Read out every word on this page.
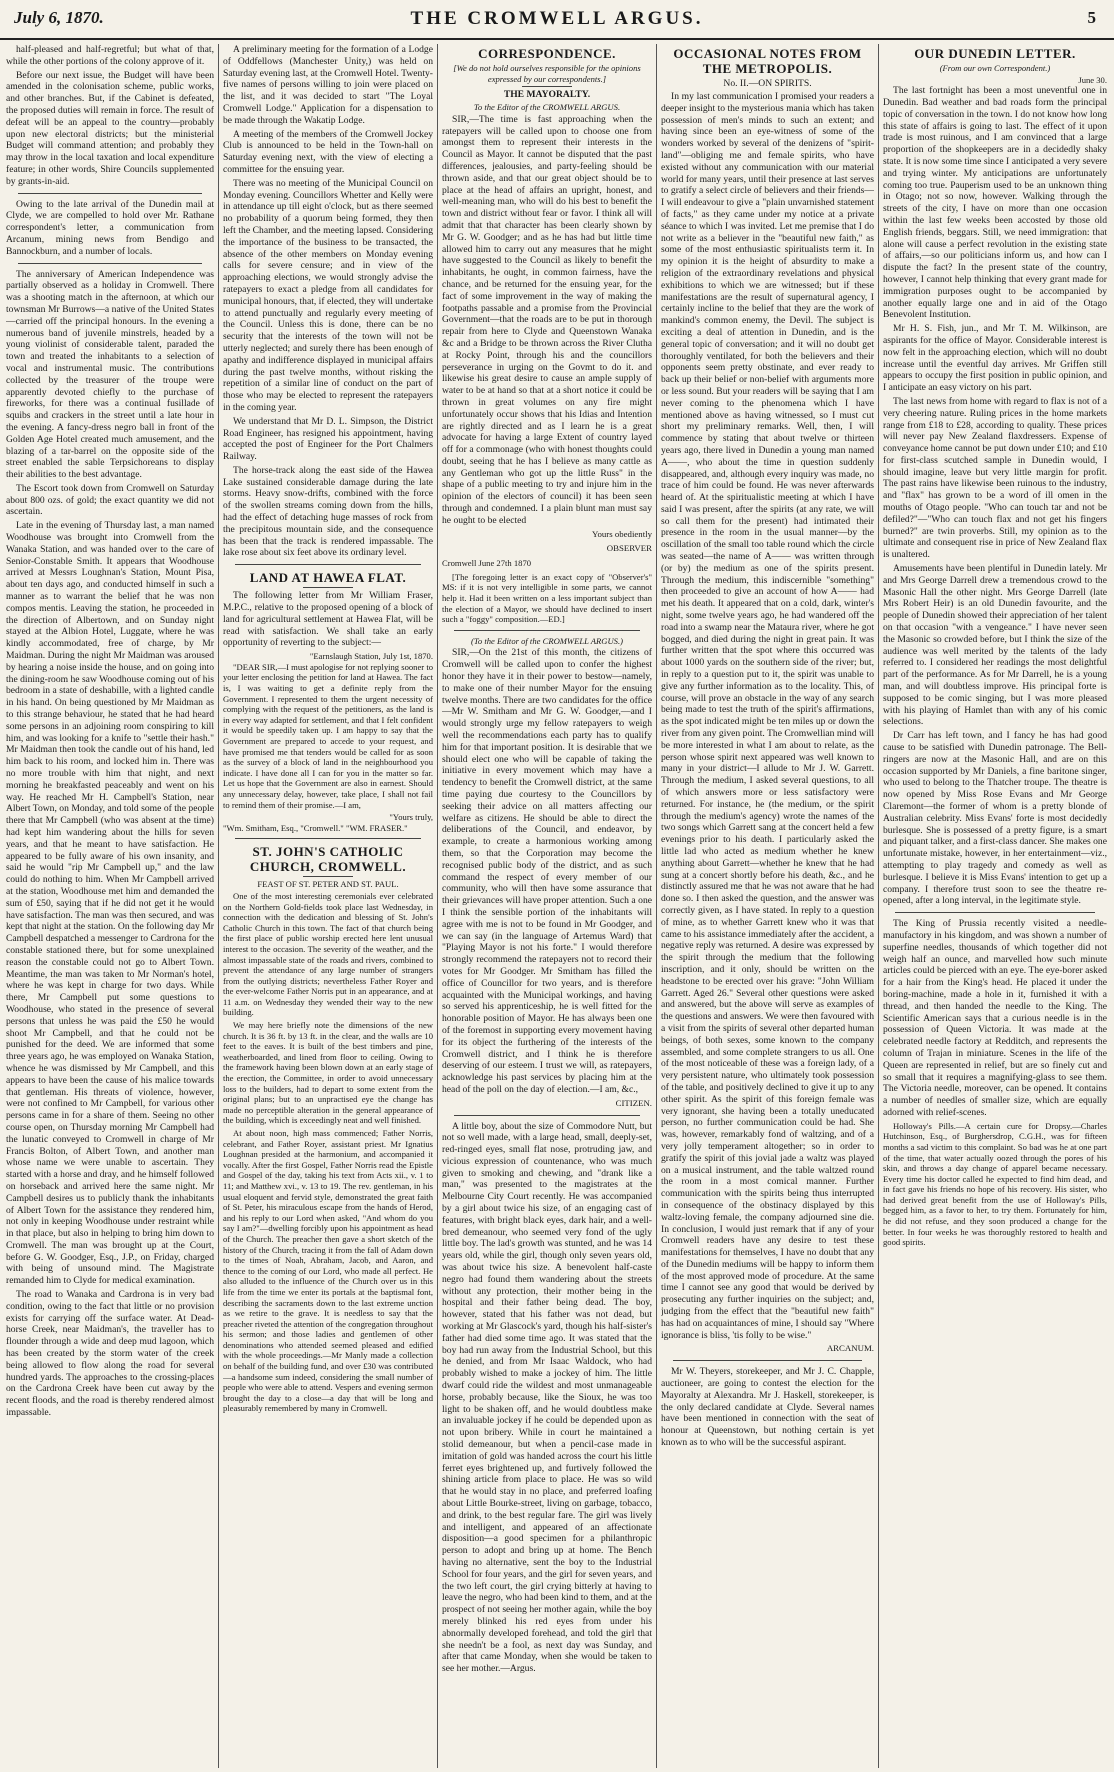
July 6, 1870.	THE CROMWELL ARGUS.	5

half-pleased and half-regretful; but what of that, while the other portions of the colony approve of it.

Before our next issue, the Budget will have been amended in the colonisation scheme, public works, and other branches. But, if the Cabinet is defeated, the proposed duties will remain in force. The result of defeat will be an appeal to the country—probably upon new electoral districts; but the ministerial Budget will command attention; and probably they may throw in the local taxation and local expenditure feature; in other words, Shire Councils supplemented by grants-in-aid.

Owing to the late arrival of the Dunedin mail at Clyde, we are compelled to hold over Mr. Rathane correspondent's letter, a communication from Arcanum, mining news from Bendigo and Bannockburn, and a number of locals.

The anniversary of American Independence was partially observed as a holiday in Cromwell. There was a shooting match in the afternoon, at which our townsman Mr Burrows—a native of the United States—carried off the principal honours. In the evening a numerous band of juvenile minstrels, headed by a young violinist of considerable talent, paraded the town and treated the inhabitants to a selection of vocal and instrumental music. The contributions collected by the treasurer of the troupe were apparently devoted chiefly to the purchase of fireworks, for there was a continual fusillade of squibs and crackers in the street until a late hour in the evening. A fancy-dress negro ball in front of the Golden Age Hotel created much amusement, and the blazing of a tar-barrel on the opposite side of the street enabled the sable Terpsichoreans to display their abilities to the best advantage.

The Escort took down from Cromwell on Saturday about 800 ozs. of gold; the exact quantity we did not ascertain.

Late in the evening of Thursday last, a man named Woodhouse was brought into Cromwell from the Wanaka Station, and was handed over to the care of Senior-Constable Smith. It appears that Woodhouse arrived at Messrs Loughnan's Station, Mount Pisa, about ten days ago, and conducted himself in such a manner as to warrant the belief that he was non compos mentis. Leaving the station, he proceeded in the direction of Albertown, and on Sunday night stayed at the Albion Hotel, Luggate, where he was kindly accommodated, free of charge, by Mr Maidman. During the night Mr Maidman was aroused by hearing a noise inside the house, and on going into the dining-room he saw Woodhouse coming out of his bedroom in a state of deshabille, with a lighted candle in his hand. On being questioned by Mr Maidman as to this strange behaviour, he stated that he had heard some persons in an adjoining room conspiring to kill him, and was looking for a knife to "settle their hash." Mr Maidman then took the candle out of his hand, led him back to his room, and locked him in. There was no more trouble with him that night, and next morning he breakfasted peaceably and went on his way. He reached Mr H. Campbell's Station, near Albert Town, on Monday, and told some of the people there that Mr Campbell (who was absent at the time) had kept him wandering about the hills for seven years, and that he meant to have satisfaction. He appeared to be fully aware of his own insanity, and said he would "rip Mr Campbell up," and the law could do nothing to him. When Mr Campbell arrived at the station, Woodhouse met him and demanded the sum of £50, saying that if he did not get it he would have satisfaction. The man was then secured, and was kept that night at the station. On the following day Mr Campbell despatched a messenger to Cardrona for the constable stationed there, but for some unexplained reason the constable could not go to Albert Town. Meantime, the man was taken to Mr Norman's hotel, where he was kept in charge for two days. While there, Mr Campbell put some questions to Woodhouse, who stated in the presence of several persons that unless he was paid the £50 he would shoot Mr Campbell, and that he could not be punished for the deed. We are informed that some three years ago, he was employed on Wanaka Station, whence he was dismissed by Mr Campbell, and this appears to have been the cause of his malice towards that gentleman. His threats of violence, however, were not confined to Mr Campbell, for various other persons came in for a share of them. Seeing no other course open, on Thursday morning Mr Campbell had the lunatic conveyed to Cromwell in charge of Mr Francis Bolton, of Albert Town, and another man whose name we were unable to ascertain. They started with a horse and dray, and he himself followed on horseback and arrived here the same night. Mr Campbell desires us to publicly thank the inhabitants of Albert Town for the assistance they rendered him, not only in keeping Woodhouse under restraint while in that place, but also in helping to bring him down to Cromwell. The man was brought up at the Court, before G. W. Goodger, Esq., J.P., on Friday, charged with being of unsound mind. The Magistrate remanded him to Clyde for medical examination.

The road to Wanaka and Cardrona is in very bad condition, owing to the fact that little or no provision exists for carrying off the surface water. At Dead-horse Creek, near Maidman's, the traveller has to flounder through a wide and deep mud lagoon, which has been created by the storm water of the creek being allowed to flow along the road for several hundred yards. The approaches to the crossing-places on the Cardrona Creek have been cut away by the recent floods, and the road is thereby rendered almost impassable.

A preliminary meeting for the formation of a Lodge of Oddfellows (Manchester Unity,) was held on Saturday evening last, at the Cromwell Hotel. Twenty-five names of persons willing to join were placed on the list, and it was decided to start "The Loyal Cromwell Lodge." Application for a dispensation to be made through the Wakatip Lodge.

A meeting of the members of the Cromwell Jockey Club is announced to be held in the Town-hall on Saturday evening next, with the view of electing a committee for the ensuing year.

There was no meeting of the Municipal Council on Monday evening. Councillors Whetter and Kelly were in attendance up till eight o'clock, but as there seemed no probability of a quorum being formed, they then left the Chamber, and the meeting lapsed. Considering the importance of the business to be transacted, the absence of the other members on Monday evening calls for severe censure; and in view of the approaching elections, we would strongly advise the ratepayers to exact a pledge from all candidates for municipal honours, that, if elected, they will undertake to attend punctually and regularly every meeting of the Council. Unless this is done, there can be no security that the interests of the town will not be utterly neglected; and surely there has been enough of apathy and indifference displayed in municipal affairs during the past twelve months, without risking the repetition of a similar line of conduct on the part of those who may be elected to represent the ratepayers in the coming year.

We understand that Mr D. L. Simpson, the District Road Engineer, has resigned his appointment, having accepted the post of Engineer for the Port Chalmers Railway.

The horse-track along the east side of the Hawea Lake sustained considerable damage during the late storms. Heavy snow-drifts, combined with the force of the swollen streams coming down from the hills, had the effect of detaching huge masses of rock from the precipitous mountain side, and the consequence has been that the track is rendered impassable. The lake rose about six feet above its ordinary level.

LAND AT HAWEA FLAT.

The following letter from Mr William Fraser, M.P.C., relative to the proposed opening of a block of land for agricultural settlement at Hawea Flat, will be read with satisfaction. We shall take an early opportunity of reverting to the subject:—

"Earnslaugh Station, July 1st, 1870.

"DEAR SIR,—I must apologise for not replying sooner to your letter enclosing the petition for land at Hawea. The fact is, I was waiting to get a definite reply from the Government. I represented to them the urgent necessity of complying with the request of the petitioners, as the land is in every way adapted for settlement, and that I felt confident it would be speedily taken up. I am happy to say that the Government are prepared to accede to your request, and have promised me that tenders would be called for as soon as the survey of a block of land in the neighbourhood you indicate. I have done all I can for you in the matter so far. Let us hope that the Government are also in earnest. Should any unnecessary delay, however, take place, I shall not fail to remind them of their promise.—I am,

"Yours truly,
"Wm. Smitham, Esq., "Cromwell." "WM. FRASER."
ST. JOHN'S CATHOLIC CHURCH, CROMWELL.
FEAST OF ST. PETER AND ST. PAUL.

One of the most interesting ceremonials ever celebrated on the Northern Gold-fields took place last Wednesday, in connection with the dedication and blessing of St. John's Catholic Church in this town. The fact of that church being the first place of public worship erected here lent unusual interest to the occasion. The severity of the weather, and the almost impassable state of the roads and rivers, combined to prevent the attendance of any large number of strangers from the outlying districts; nevertheless Father Royer and the ever-welcome Father Norris put in an appearance, and at 11 a.m. on Wednesday they wended their way to the new building.

We may here briefly note the dimensions of the new church. It is 36 ft. by 13 ft. in the clear, and the walls are 10 feet to the eaves. It is built of the best timbers and pine, weatherboarded, and lined from floor to ceiling. Owing to the framework having been blown down at an early stage of the erection, the Committee, in order to avoid unnecessary loss to the builders, had to depart to some extent from the original plans; but to an unpractised eye the change has made no perceptible alteration in the general appearance of the building, which is exceedingly neat and well finished.

At about noon, high mass commenced; Father Norris, celebrant, and Father Royer, assistant priest. Mr Ignatius Loughnan presided at the harmonium, and accompanied it vocally. After the first Gospel, Father Norris read the Epistle and Gospel of the day, taking his text from Acts xii., v. 1 to 11; and Matthew xvi., v. 13 to 19. The rev. gentleman, in his usual eloquent and fervid style, demonstrated the great faith of St. Peter, his miraculous escape from the hands of Herod, and his reply to our Lord when asked, "And whom do you say I am?"—dwelling forcibly upon his appointment as head of the Church. The preacher then gave a short sketch of the history of the Church, tracing it from the fall of Adam down to the times of Noah, Abraham, Jacob, and Aaron, and thence to the coming of our Lord, who made all perfect. He also alluded to the influence of the Church over us in this life from the time we enter its portals at the baptismal font, describing the sacraments down to the last extreme unction as we retire to the grave. It is needless to say that the preacher riveted the attention of the congregation throughout his sermon; and those ladies and gentlemen of other denominations who attended seemed pleased and edified with the whole proceedings.—Mr Manly made a collection on behalf of the building fund, and over £30 was contributed—a handsome sum indeed, considering the small number of people who were able to attend. Vespers and evening sermon brought the day to a close—a day that will be long and pleasurably remembered by many in Cromwell.

CORRESPONDENCE.
[We do not hold ourselves responsible for the opinions expressed by our correspondents.]
THE MAYORALTY.
To the Editor of the CROMWELL ARGUS.

SIR,—The time is fast approaching when the ratepayers will be called upon to choose one from amongst them to represent their interests in the Council as Mayor. It cannot be disputed that the past differences, jealousies, and party-feeling should be thrown aside, and that our great object should be to place at the head of affairs an upright, honest, and well-meaning man, who will do his best to benefit the town and district without fear or favor. I think all will admit that that character has been clearly shown by Mr G. W. Goodger; and as he has had but little time allowed him to carry out any measures that he might have suggested to the Council as likely to benefit the inhabitants, he ought, in common fairness, have the chance, and be returned for the ensuing year, for the fact of some improvement in the way of making the footpaths passable and a promise from the Provincial Government—that the roads are to be put in thorough repair from here to Clyde and Queenstown Wanaka &c and a Bridge to be thrown across the River Clutha at Rocky Point, through his and the councillors perseverance in urging on the Govmt to do it. and likewise his great desire to cause an ample supply of water to be at hand so that at a short notice it could be thrown in great volumes on any fire might unfortunately occur shows that his Idias and Intention are rightly directed and as I learn he is a great advocate for having a large Extent of country layed off for a commonage (who with honest thoughts could doubt, seeing that he has I believe as many cattle as any Gentleman who got up the little Russ" in the shape of a public meeting to try and injure him in the opinion of the electors of council) it has been seen through and condemned. I a plain blunt man must say he ought to be elected

Yours obediently
OBSERVER
Cromwell June 27th 1870

[The foregoing letter is an exact copy of "Observer's" MS: if it is not very intelligible in some parts, we cannot help it. Had it been written on a less important subject than the election of a Mayor, we should have declined to insert such a "foggy" composition.—ED.]

(To the Editor of the CROMWELL ARGUS.)

SIR,—On the 21st of this month, the citizens of Cromwell will be called upon to confer the highest honor they have it in their power to bestow—namely, to make one of their number Mayor for the ensuing twelve months. There are two candidates for the office—Mr W. Smitham and Mr G. W. Goodger,—and I would strongly urge my fellow ratepayers to weigh well the recommendations each party has to qualify him for that important position. It is desirable that we should elect one who will be capable of taking the initiative in every movement which may have a tendency to benefit the Cromwell district, at the same time paying due courtesy to the Councillors by seeking their advice on all matters affecting our welfare as citizens. He should be able to direct the deliberations of the Council, and endeavor, by example, to create a harmonious working among them, so that the Corporation may become the recognised public body of the district, and as such command the respect of every member of our community, who will then have some assurance that their grievances will have proper attention. Such a one I think the sensible portion of the inhabitants will agree with me is not to be found in Mr Goodger, and we can say (in the language of Artemus Ward) that "Playing Mayor is not his forte." I would therefore strongly recommend the ratepayers not to record their votes for Mr Goodger. Mr Smitham has filled the office of Councillor for two years, and is therefore acquainted with the Municipal workings, and having so served his apprenticeship, he is well fitted for the honorable position of Mayor. He has always been one of the foremost in supporting every movement having for its object the furthering of the interests of the Cromwell district, and I think he is therefore deserving of our esteem. I trust we will, as ratepayers, acknowledge his past services by placing him at the head of the poll on the day of election.—I am, &c.,

CITIZEN.

A little boy, about the size of Commodore Nutt, but not so well made, with a large head, small, deeply-set, red-ringed eyes, small flat nose, protruding jaw, and vicious expression of countenance, who was much given to smoking and chewing, and "drank like a man," was presented to the magistrates at the Melbourne City Court recently. He was accompanied by a girl about twice his size, of an engaging cast of features, with bright black eyes, dark hair, and a well-bred demeanour, who seemed very fond of the ugly little boy. The lad's growth was stunted, and he was 14 years old, while the girl, though only seven years old, was about twice his size. A benevolent half-caste negro had found them wandering about the streets without any protection, their mother being in the hospital and their father being dead. The boy, however, stated that his father was not dead, but working at Mr Glascock's yard, though his half-sister's father had died some time ago. It was stated that the boy had run away from the Industrial School, but this he denied, and from Mr Isaac Waldock, who had probably wished to make a jockey of him. The little dwarf could ride the wildest and most unmanageable horse, probably because, like the Sioux, he was too light to be shaken off, and he would doubtless make an invaluable jockey if he could be depended upon as not upon bribery. While in court he maintained a stolid demeanour, but when a pencil-case made in imitation of gold was handed across the court his little ferret eyes brightened up, and furtively followed the shining article from place to place. He was so wild that he would stay in no place, and preferred loafing about Little Bourke-street, living on garbage, tobacco, and drink, to the best regular fare. The girl was lively and intelligent, and appeared of an affectionate disposition—a good specimen for a philanthropic person to adopt and bring up at home. The Bench having no alternative, sent the boy to the Industrial School for four years, and the girl for seven years, and the two left court, the girl crying bitterly at having to leave the negro, who had been kind to them, and at the prospect of not seeing her mother again, while the boy merely blinked his red eyes from under his abnormally developed forehead, and told the girl that she needn't be a fool, as next day was Sunday, and after that came Monday, when she would be taken to see her mother.—Argus.

OCCASIONAL NOTES FROM THE METROPOLIS.
No. II.—ON SPIRITS.

In my last communication I promised your readers a deeper insight to the mysterious mania which has taken possession of men's minds to such an extent; and having since been an eye-witness of some of the wonders worked by several of the denizens of "spirit-land"—obliging me and female spirits, who have existed without any communication with our material world for many years, until their presence at last serves to gratify a select circle of believers and their friends—I will endeavour to give a "plain unvarnished statement of facts," as they came under my notice at a private séance to which I was invited. Let me premise that I do not write as a believer in the "beautiful new faith," as some of the most enthusiastic spiritualists term it. In my opinion it is the height of absurdity to make a religion of the extraordinary revelations and physical exhibitions to which we are witnessed; but if these manifestations are the result of supernatural agency, I certainly incline to the belief that they are the work of mankind's common enemy, the Devil. The subject is exciting a deal of attention in Dunedin, and is the general topic of conversation; and it will no doubt get thoroughly ventilated, for both the believers and their opponents seem pretty obstinate, and ever ready to back up their belief or non-belief with arguments more or less sound. But your readers will be saying that I am never coming to the phenomena which I have mentioned above as having witnessed, so I must cut short my preliminary remarks. Well, then, I will commence by stating that about twelve or thirteen years ago, there lived in Dunedin a young man named A——, who about the time in question suddenly disappeared, and, although every inquiry was made, no trace of him could be found. He was never afterwards heard of. At the spiritualistic meeting at which I have said I was present, after the spirits (at any rate, we will so call them for the present) had intimated their presence in the room in the usual manner—by the oscillation of the small too table round which the circle was seated—the name of A—— was written through (or by) the medium as one of the spirits present. Through the medium, this indiscernible "something" then proceeded to give an account of how A—— had met his death. It appeared that on a cold, dark, winter's night, some twelve years ago, he had wandered off the road into a swamp near the Mataura river, where he got bogged, and died during the night in great pain. It was further written that the spot where this occurred was about 1000 yards on the southern side of the river; but, in reply to a question put to it, the spirit was unable to give any further information as to the locality. This, of course, will prove an obstacle in the way of any search being made to test the truth of the spirit's affirmations, as the spot indicated might be ten miles up or down the river from any given point. The Cromwellian mind will be more interested in what I am about to relate, as the person whose spirit next appeared was well known to many in your district—I allude to Mr J. W. Garrett. Through the medium, I asked several questions, to all of which answers more or less satisfactory were returned. For instance, he (the medium, or the spirit through the medium's agency) wrote the names of the two songs which Garrett sang at the concert held a few evenings prior to his death. I particularly asked the little lad who acted as medium whether he knew anything about Garrett—whether he knew that he had sung at a concert shortly before his death, &c., and he distinctly assured me that he was not aware that he had done so. I then asked the question, and the answer was correctly given, as I have stated. In reply to a question of mine, as to whether Garrett knew who it was that came to his assistance immediately after the accident, a negative reply was returned. A desire was expressed by the spirit through the medium that the following inscription, and it only, should be written on the headstone to be erected over his grave: "John William Garrett. Aged 26." Several other questions were asked and answered, but the above will serve as examples of the questions and answers. We were then favoured with a visit from the spirits of several other departed human beings, of both sexes, some known to the company assembled, and some complete strangers to us all. One of the most noticeable of these was a foreign lady, of a very persistent nature, who ultimately took possession of the table, and positively declined to give it up to any other spirit. As the spirit of this foreign female was very ignorant, she having been a totally uneducated person, no further communication could be had. She was, however, remarkably fond of waltzing, and of a very jolly temperament altogether; so in order to gratify the spirit of this jovial jade a waltz was played on a musical instrument, and the table waltzed round the room in a most comical manner. Further communication with the spirits being thus interrupted in consequence of the obstinacy displayed by this waltz-loving female, the company adjourned sine die. In conclusion, I would just remark that if any of your Cromwell readers have any desire to test these manifestations for themselves, I have no doubt that any of the Dunedin mediums will be happy to inform them of the most approved mode of procedure. At the same time I cannot see any good that would be derived by prosecuting any further inquiries on the subject; and, judging from the effect that the "beautiful new faith" has had on acquaintances of mine, I should say "Where ignorance is bliss, 'tis folly to be wise."

ARCANUM.

Mr W. Theyers, storekeeper, and Mr J. C. Chapple, auctioneer, are going to contest the election for the Mayoralty at Alexandra. Mr J. Haskell, storekeeper, is the only declared candidate at Clyde. Several names have been mentioned in connection with the seat of honour at Queenstown, but nothing certain is yet known as to who will be the successful aspirant.

OUR DUNEDIN LETTER.
(From our own Correspondent.)
June 30.

The last fortnight has been a most uneventful one in Dunedin. Bad weather and bad roads form the principal topic of conversation in the town. I do not know how long this state of affairs is going to last. The effect of it upon trade is most ruinous, and I am convinced that a large proportion of the shopkeepers are in a decidedly shaky state. It is now some time since I anticipated a very severe and trying winter. My anticipations are unfortunately coming too true. Pauperism used to be an unknown thing in Otago; not so now, however. Walking through the streets of the city, I have on more than one occasion within the last few weeks been accosted by those old English friends, beggars. Still, we need immigration: that alone will cause a perfect revolution in the existing state of affairs,—so our politicians inform us, and how can I dispute the fact? In the present state of the country, however, I cannot help thinking that every grant made for immigration purposes ought to be accompanied by another equally large one and in aid of the Otago Benevolent Institution.

Mr H. S. Fish, jun., and Mr T. M. Wilkinson, are aspirants for the office of Mayor. Considerable interest is now felt in the approaching election, which will no doubt increase until the eventful day arrives. Mr Griffen still appears to occupy the first position in public opinion, and I anticipate an easy victory on his part.

The last news from home with regard to flax is not of a very cheering nature. Ruling prices in the home markets range from £18 to £28, according to quality. These prices will never pay New Zealand flaxdressers. Expense of conveyance home cannot be put down under £10; and £10 for first-class scutched sample in Dunedin would, I should imagine, leave but very little margin for profit. The past rains have likewise been ruinous to the industry, and "flax" has grown to be a word of ill omen in the mouths of Otago people. "Who can touch tar and not be defiled?"—"Who can touch flax and not get his fingers burned?" are twin proverbs. Still, my opinion as to the ultimate and consequent rise in price of New Zealand flax is unaltered.

Amusements have been plentiful in Dunedin lately. Mr and Mrs George Darrell drew a tremendous crowd to the Masonic Hall the other night. Mrs George Darrell (late Mrs Robert Heir) is an old Dunedin favourite, and the people of Dunedin showed their appreciation of her talent on that occasion "with a vengeance." I have never seen the Masonic so crowded before, but I think the size of the audience was well merited by the talents of the lady referred to. I considered her readings the most delightful part of the performance. As for Mr Darrell, he is a young man, and will doubtless improve. His principal forte is supposed to be comic singing, but I was more pleased with his playing of Hamlet than with any of his comic selections.

Dr Carr has left town, and I fancy he has had good cause to be satisfied with Dunedin patronage. The Bell-ringers are now at the Masonic Hall, and are on this occasion supported by Mr Daniels, a fine baritone singer, who used to belong to the Thatcher troupe. The theatre is now opened by Miss Rose Evans and Mr George Claremont—the former of whom is a pretty blonde of Australian celebrity. Miss Evans' forte is most decidedly burlesque. She is possessed of a pretty figure, is a smart and piquant talker, and a first-class dancer. She makes one unfortunate mistake, however, in her entertainment—viz., attempting to play tragedy and comedy as well as burlesque. I believe it is Miss Evans' intention to get up a company. I therefore trust soon to see the theatre re-opened, after a long interval, in the legitimate style.

The King of Prussia recently visited a needle-manufactory in his kingdom, and was shown a number of superfine needles, thousands of which together did not weigh half an ounce, and marvelled how such minute articles could be pierced with an eye. The eye-borer asked for a hair from the King's head. He placed it under the boring-machine, made a hole in it, furnished it with a thread, and then handed the needle to the King. The Scientific American says that a curious needle is in the possession of Queen Victoria. It was made at the celebrated needle factory at Redditch, and represents the column of Trajan in miniature. Scenes in the life of the Queen are represented in relief, but are so finely cut and so small that it requires a magnifying-glass to see them. The Victoria needle, moreover, can be opened. It contains a number of needles of smaller size, which are equally adorned with relief-scenes.

Holloway's Pills.—A certain cure for Dropsy.—Charles Hutchinson, Esq., of Burghersdrop, C.G.H., was for fifteen months a sad victim to this complaint. So bad was he at one part of the time, that water actually oozed through the pores of his skin, and throws a day change of apparel became necessary. Every time his doctor called he expected to find him dead, and in fact gave his friends no hope of his recovery. His sister, who had derived great benefit from the use of Holloway's Pills, begged him, as a favor to her, to try them. Fortunately for him, he did not refuse, and they soon produced a change for the better. In four weeks he was thoroughly restored to health and good spirits.
